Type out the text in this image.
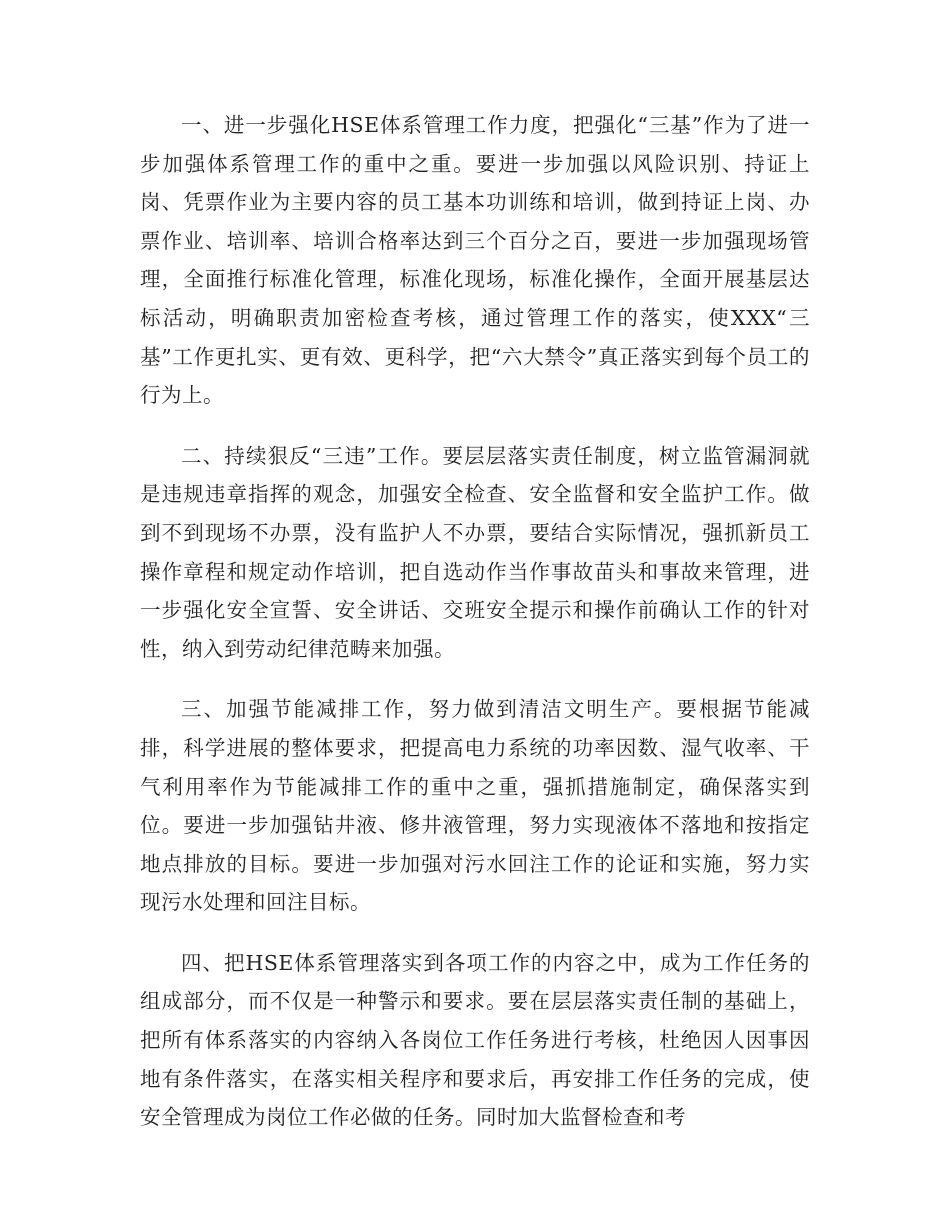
一、进一步强化HSE体系管理工作力度，把强化“三基”作为了进一步加强体系管理工作的重中之重。要进一步加强以风险识别、持证上岗、凭票作业为主要内容的员工基本功训练和培训，做到持证上岗、办票作业、培训率、培训合格率达到三个百分之百，要进一步加强现场管理，全面推行标准化管理，标准化现场，标准化操作，全面开展基层达标活动，明确职责加密检查考核，通过管理工作的落实，使XXX“三基”工作更扎实、更有效、更科学，把“六大禁令”真正落实到每个员工的行为上。

二、持续狠反“三违”工作。要层层落实责任制度，树立监管漏洞就是违规违章指挥的观念，加强安全检查、安全监督和安全监护工作。做到不到现场不办票，没有监护人不办票，要结合实际情况，强抓新员工操作章程和规定动作培训，把自选动作当作事故苗头和事故来管理，进一步强化安全宣誓、安全讲话、交班安全提示和操作前确认工作的针对性，纳入到劳动纪律范畴来加强。

三、加强节能减排工作，努力做到清洁文明生产。要根据节能减排，科学进展的整体要求，把提高电力系统的功率因数、湿气收率、干气利用率作为节能减排工作的重中之重，强抓措施制定，确保落实到位。要进一步加强钻井液、修井液管理，努力实现液体不落地和按指定地点排放的目标。要进一步加强对污水回注工作的论证和实施，努力实现污水处理和回注目标。

四、把HSE体系管理落实到各项工作的内容之中，成为工作任务的组成部分，而不仅是一种警示和要求。要在层层落实责任制的基础上，把所有体系落实的内容纳入各岗位工作任务进行考核，杜绝因人因事因地有条件落实，在落实相关程序和要求后，再安排工作任务的完成，使安全管理成为岗位工作必做的任务。同时加大监督检查和考
